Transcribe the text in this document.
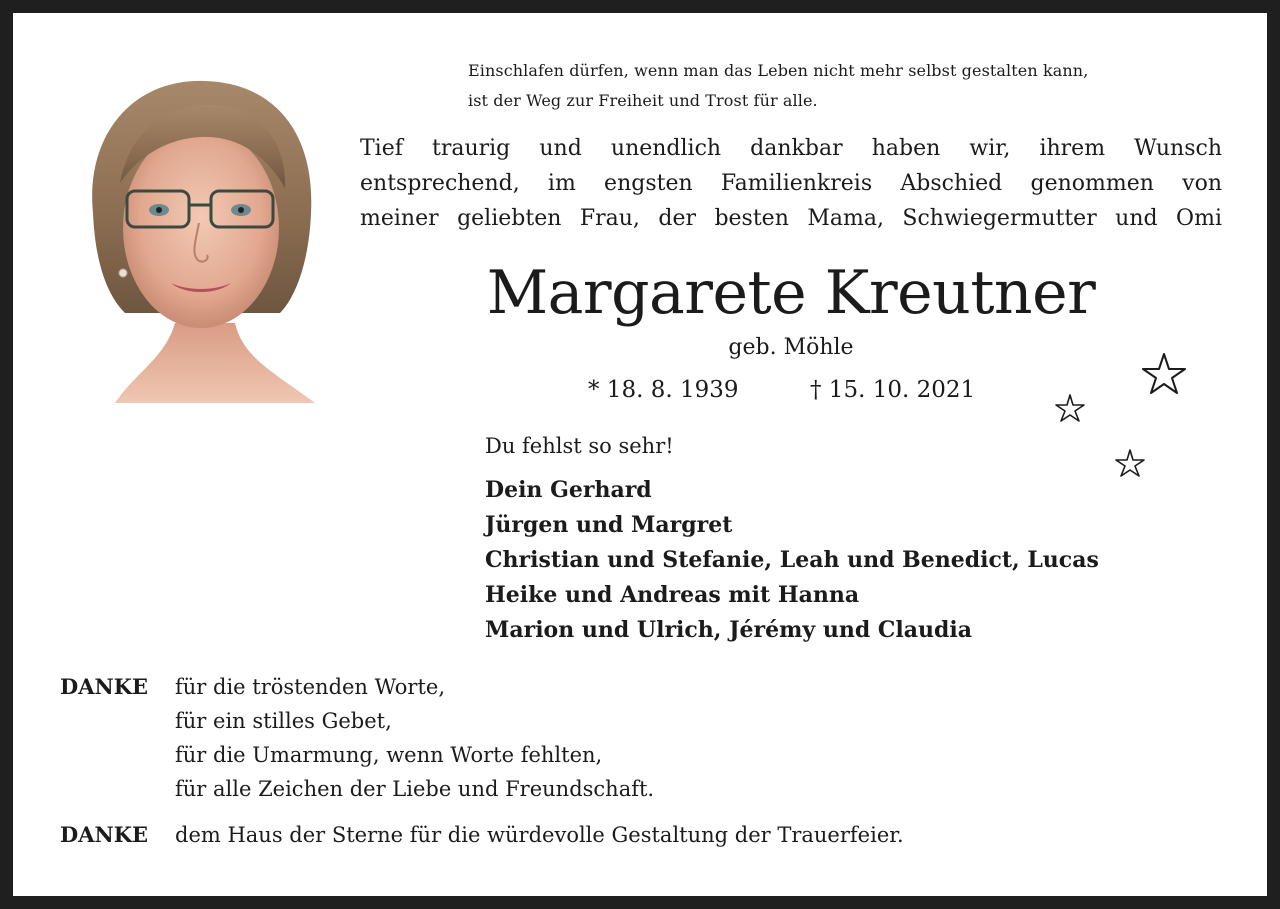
Einschlafen dürfen, wenn man das Leben nicht mehr selbst gestalten kann,
ist der Weg zur Freiheit und Trost für alle.
Tief traurig und unendlich dankbar haben wir, ihrem Wunsch
entsprechend, im engsten Familienkreis Abschied genommen von
meiner geliebten Frau, der besten Mama, Schwiegermutter und Omi
Margarete Kreutner
geb. Möhle
* 18. 8. 1939	† 15. 10. 2021
Du fehlst so sehr!
Dein Gerhard
Jürgen und Margret
Christian und Stefanie, Leah und Benedict, Lucas
Heike und Andreas mit Hanna
Marion und Ulrich, Jérémy und Claudia
DANKE für die tröstenden Worte,
für ein stilles Gebet,
für die Umarmung, wenn Worte fehlten,
für alle Zeichen der Liebe und Freundschaft.
DANKE dem Haus der Sterne für die würdevolle Gestaltung der Trauerfeier.
